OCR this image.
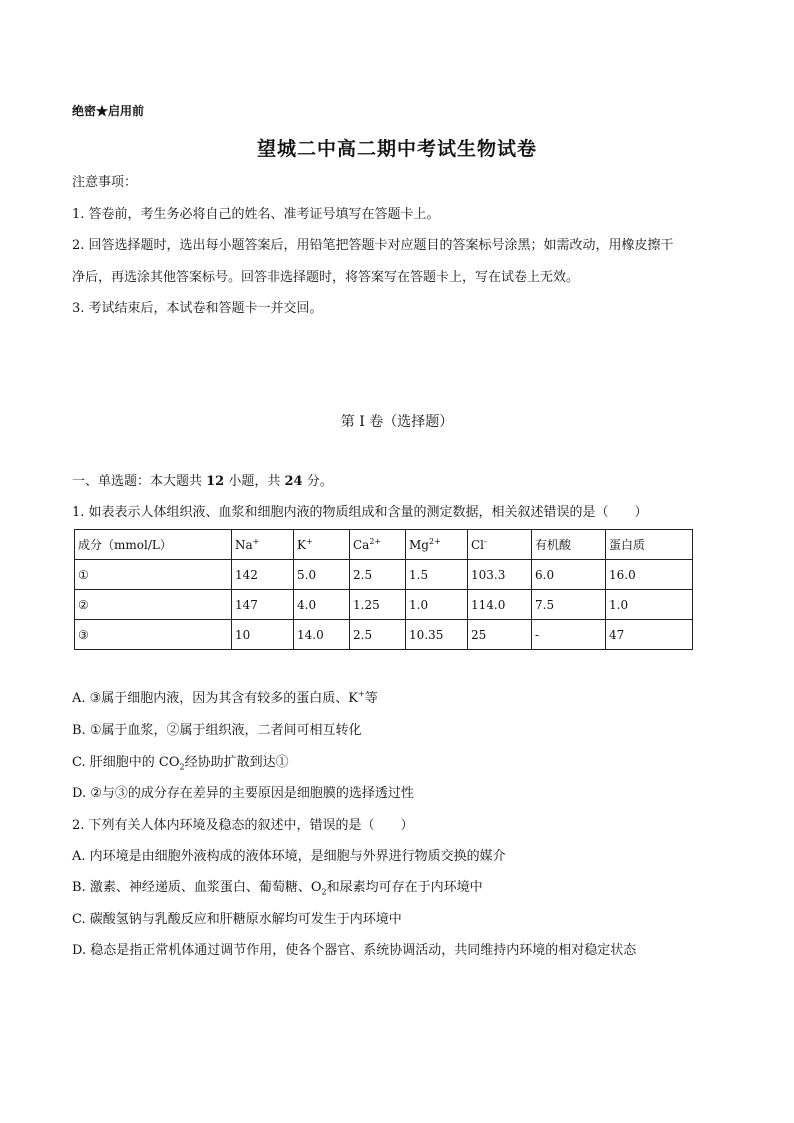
绝密★启用前
望城二中高二期中考试生物试卷
注意事项：
1. 答卷前，考生务必将自己的姓名、准考证号填写在答题卡上。
2. 回答选择题时，选出每小题答案后，用铅笔把答题卡对应题目的答案标号涂黑；如需改动，用橡皮擦干
净后，再选涂其他答案标号。回答非选择题时，将答案写在答题卡上，写在试卷上无效。
3. 考试结束后，本试卷和答题卡一并交回。
第 I 卷（选择题）
一、单选题：本大题共 12 小题，共 24 分。
1. 如表表示人体组织液、血浆和细胞内液的物质组成和含量的测定数据，相关叙述错误的是（　　）
成分（mmol/L）	Na+	K+	$Ca^{2+}$	$Mg^{2+}$	Cl-	有机酸	蛋白质
①	142	5.0	2.5	1.5	103.3	6.0	16.0
②	147	4.0	1.25	1.0	114.0	7.5	1.0
③	10	14.0	2.5	10.35	25	-	47
A. ③属于细胞内液，因为其含有较多的蛋白质、K+等
B. ①属于血浆，②属于组织液，二者间可相互转化
C. 肝细胞中的 $CO_2$经协助扩散到达①
D. ②与③的成分存在差异的主要原因是细胞膜的选择透过性
2. 下列有关人体内环境及稳态的叙述中，错误的是（　　）
A. 内环境是由细胞外液构成的液体环境，是细胞与外界进行物质交换的媒介
B. 激素、神经递质、血浆蛋白、葡萄糖、$O_2$和尿素均可存在于内环境中
C. 碳酸氢钠与乳酸反应和肝糖原水解均可发生于内环境中
D. 稳态是指正常机体通过调节作用，使各个器官、系统协调活动，共同维持内环境的相对稳定状态
